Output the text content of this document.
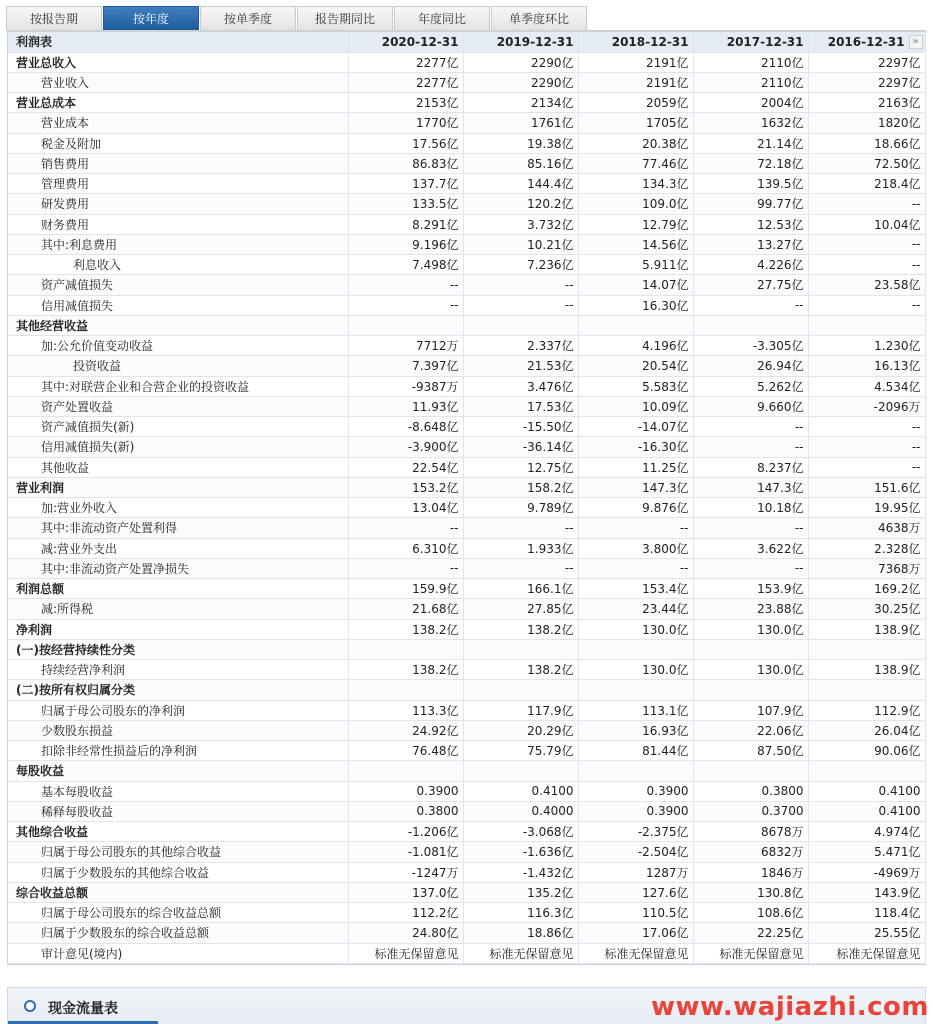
按报告期	按年度	按单季度	报告期同比	年度同比	单季度环比
利润表	2020-12-31	2019-12-31	2018-12-31	2017-12-31	2016-12-31 »

营业总收入	2277亿	2290亿	2191亿	2110亿	2297亿
营业收入	2277亿	2290亿	2191亿	2110亿	2297亿
营业总成本	2153亿	2134亿	2059亿	2004亿	2163亿
营业成本	1770亿	1761亿	1705亿	1632亿	1820亿
税金及附加	17.56亿	19.38亿	20.38亿	21.14亿	18.66亿
销售费用	86.83亿	85.16亿	77.46亿	72.18亿	72.50亿
管理费用	137.7亿	144.4亿	134.3亿	139.5亿	218.4亿
研发费用	133.5亿	120.2亿	109.0亿	99.77亿	--
财务费用	8.291亿	3.732亿	12.79亿	12.53亿	10.04亿
其中:利息费用	9.196亿	10.21亿	14.56亿	13.27亿	--
利息收入	7.498亿	7.236亿	5.911亿	4.226亿	--
资产减值损失	--	--	14.07亿	27.75亿	23.58亿
信用减值损失	--	--	16.30亿	--	--
其他经营收益					
加:公允价值变动收益	7712万	2.337亿	4.196亿	-3.305亿	1.230亿
投资收益	7.397亿	21.53亿	20.54亿	26.94亿	16.13亿
其中:对联营企业和合营企业的投资收益	-9387万	3.476亿	5.583亿	5.262亿	4.534亿
资产处置收益	11.93亿	17.53亿	10.09亿	9.660亿	-2096万
资产减值损失(新)	-8.648亿	-15.50亿	-14.07亿	--	--
信用减值损失(新)	-3.900亿	-36.14亿	-16.30亿	--	--
其他收益	22.54亿	12.75亿	11.25亿	8.237亿	--
营业利润	153.2亿	158.2亿	147.3亿	147.3亿	151.6亿
加:营业外收入	13.04亿	9.789亿	9.876亿	10.18亿	19.95亿
其中:非流动资产处置利得	--	--	--	--	4638万
减:营业外支出	6.310亿	1.933亿	3.800亿	3.622亿	2.328亿
其中:非流动资产处置净损失	--	--	--	--	7368万
利润总额	159.9亿	166.1亿	153.4亿	153.9亿	169.2亿
减:所得税	21.68亿	27.85亿	23.44亿	23.88亿	30.25亿
净利润	138.2亿	138.2亿	130.0亿	130.0亿	138.9亿
(一)按经营持续性分类					
持续经营净利润	138.2亿	138.2亿	130.0亿	130.0亿	138.9亿
(二)按所有权归属分类					
归属于母公司股东的净利润	113.3亿	117.9亿	113.1亿	107.9亿	112.9亿
少数股东损益	24.92亿	20.29亿	16.93亿	22.06亿	26.04亿
扣除非经常性损益后的净利润	76.48亿	75.79亿	81.44亿	87.50亿	90.06亿
每股收益					
基本每股收益	0.3900	0.4100	0.3900	0.3800	0.4100
稀释每股收益	0.3800	0.4000	0.3900	0.3700	0.4100
其他综合收益	-1.206亿	-3.068亿	-2.375亿	8678万	4.974亿
归属于母公司股东的其他综合收益	-1.081亿	-1.636亿	-2.504亿	6832万	5.471亿
归属于少数股东的其他综合收益	-1247万	-1.432亿	1287万	1846万	-4969万
综合收益总额	137.0亿	135.2亿	127.6亿	130.8亿	143.9亿
归属于母公司股东的综合收益总额	112.2亿	116.3亿	110.5亿	108.6亿	118.4亿
归属于少数股东的综合收益总额	24.80亿	18.86亿	17.06亿	22.25亿	25.55亿
审计意见(境内)	标准无保留意见	标准无保留意见	标准无保留意见	标准无保留意见	标准无保留意见
现金流量表	www.wajiazhi.com
